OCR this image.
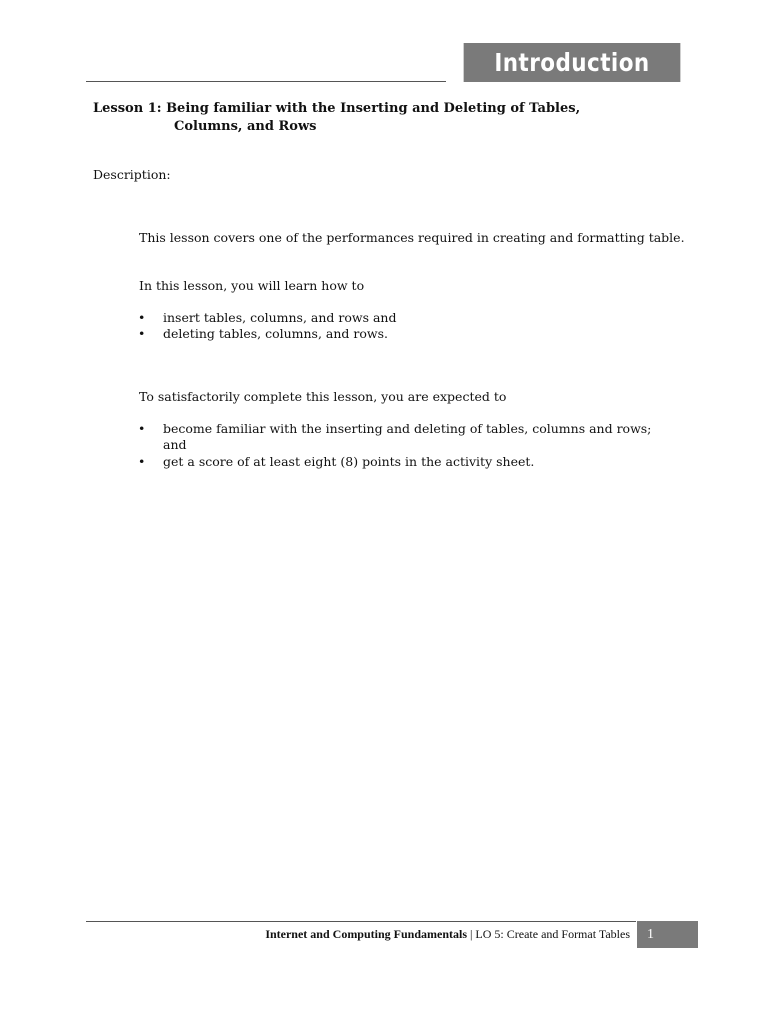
Introduction
Lesson 1: Being familiar with the Inserting and Deleting of Tables,
Columns, and Rows
Description:
This lesson covers one of the performances required in creating and formatting table.
In this lesson, you will learn how to
• insert tables, columns, and rows and
• deleting tables, columns, and rows.
To satisfactorily complete this lesson, you are expected to
• become familiar with the inserting and deleting of tables, columns and rows; and
• get a score of at least eight (8) points in the activity sheet.
Internet and Computing Fundamentals | LO 5: Create and Format Tables 1
